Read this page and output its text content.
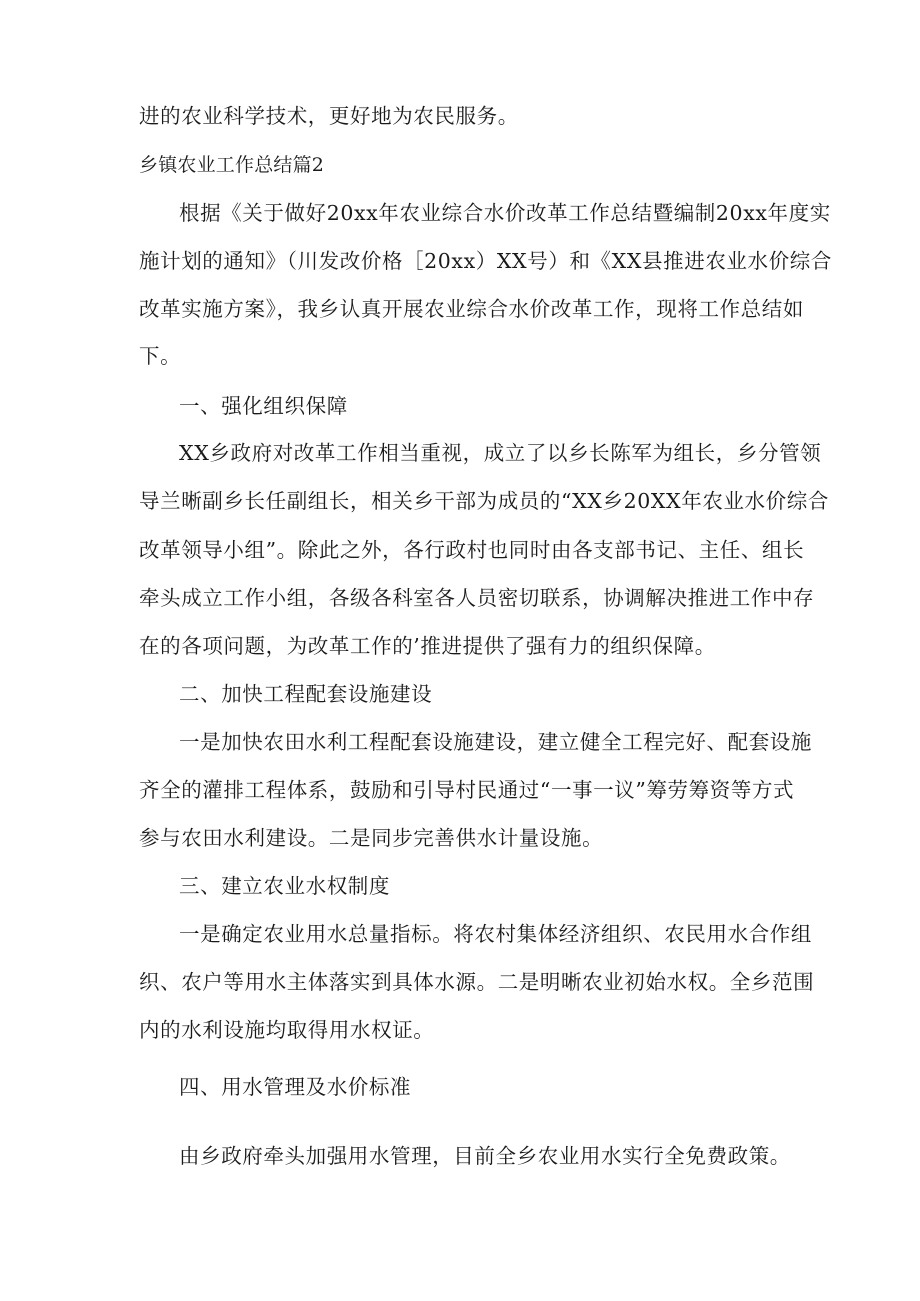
进的农业科学技术，更好地为农民服务。
乡镇农业工作总结篇2
根据《关于做好20xx年农业综合水价改革工作总结暨编制20xx年度实
施计划的通知》（川发改价格［20xx）XX号）和《XX县推进农业水价综合
改革实施方案》，我乡认真开展农业综合水价改革工作，现将工作总结如
下。
一、强化组织保障
XX乡政府对改革工作相当重视，成立了以乡长陈军为组长，乡分管领
导兰晰副乡长任副组长，相关乡干部为成员的“XX乡20XX年农业水价综合
改革领导小组”。除此之外，各行政村也同时由各支部书记、主任、组长
牵头成立工作小组，各级各科室各人员密切联系，协调解决推进工作中存
在的各项问题，为改革工作的’推进提供了强有力的组织保障。
二、加快工程配套设施建设
一是加快农田水利工程配套设施建设，建立健全工程完好、配套设施
齐全的灌排工程体系，鼓励和引导村民通过“一事一议”筹劳筹资等方式
参与农田水利建设。二是同步完善供水计量设施。
三、建立农业水权制度
一是确定农业用水总量指标。将农村集体经济组织、农民用水合作组
织、农户等用水主体落实到具体水源。二是明晰农业初始水权。全乡范围
内的水利设施均取得用水权证。
四、用水管理及水价标准
由乡政府牵头加强用水管理，目前全乡农业用水实行全免费政策。
